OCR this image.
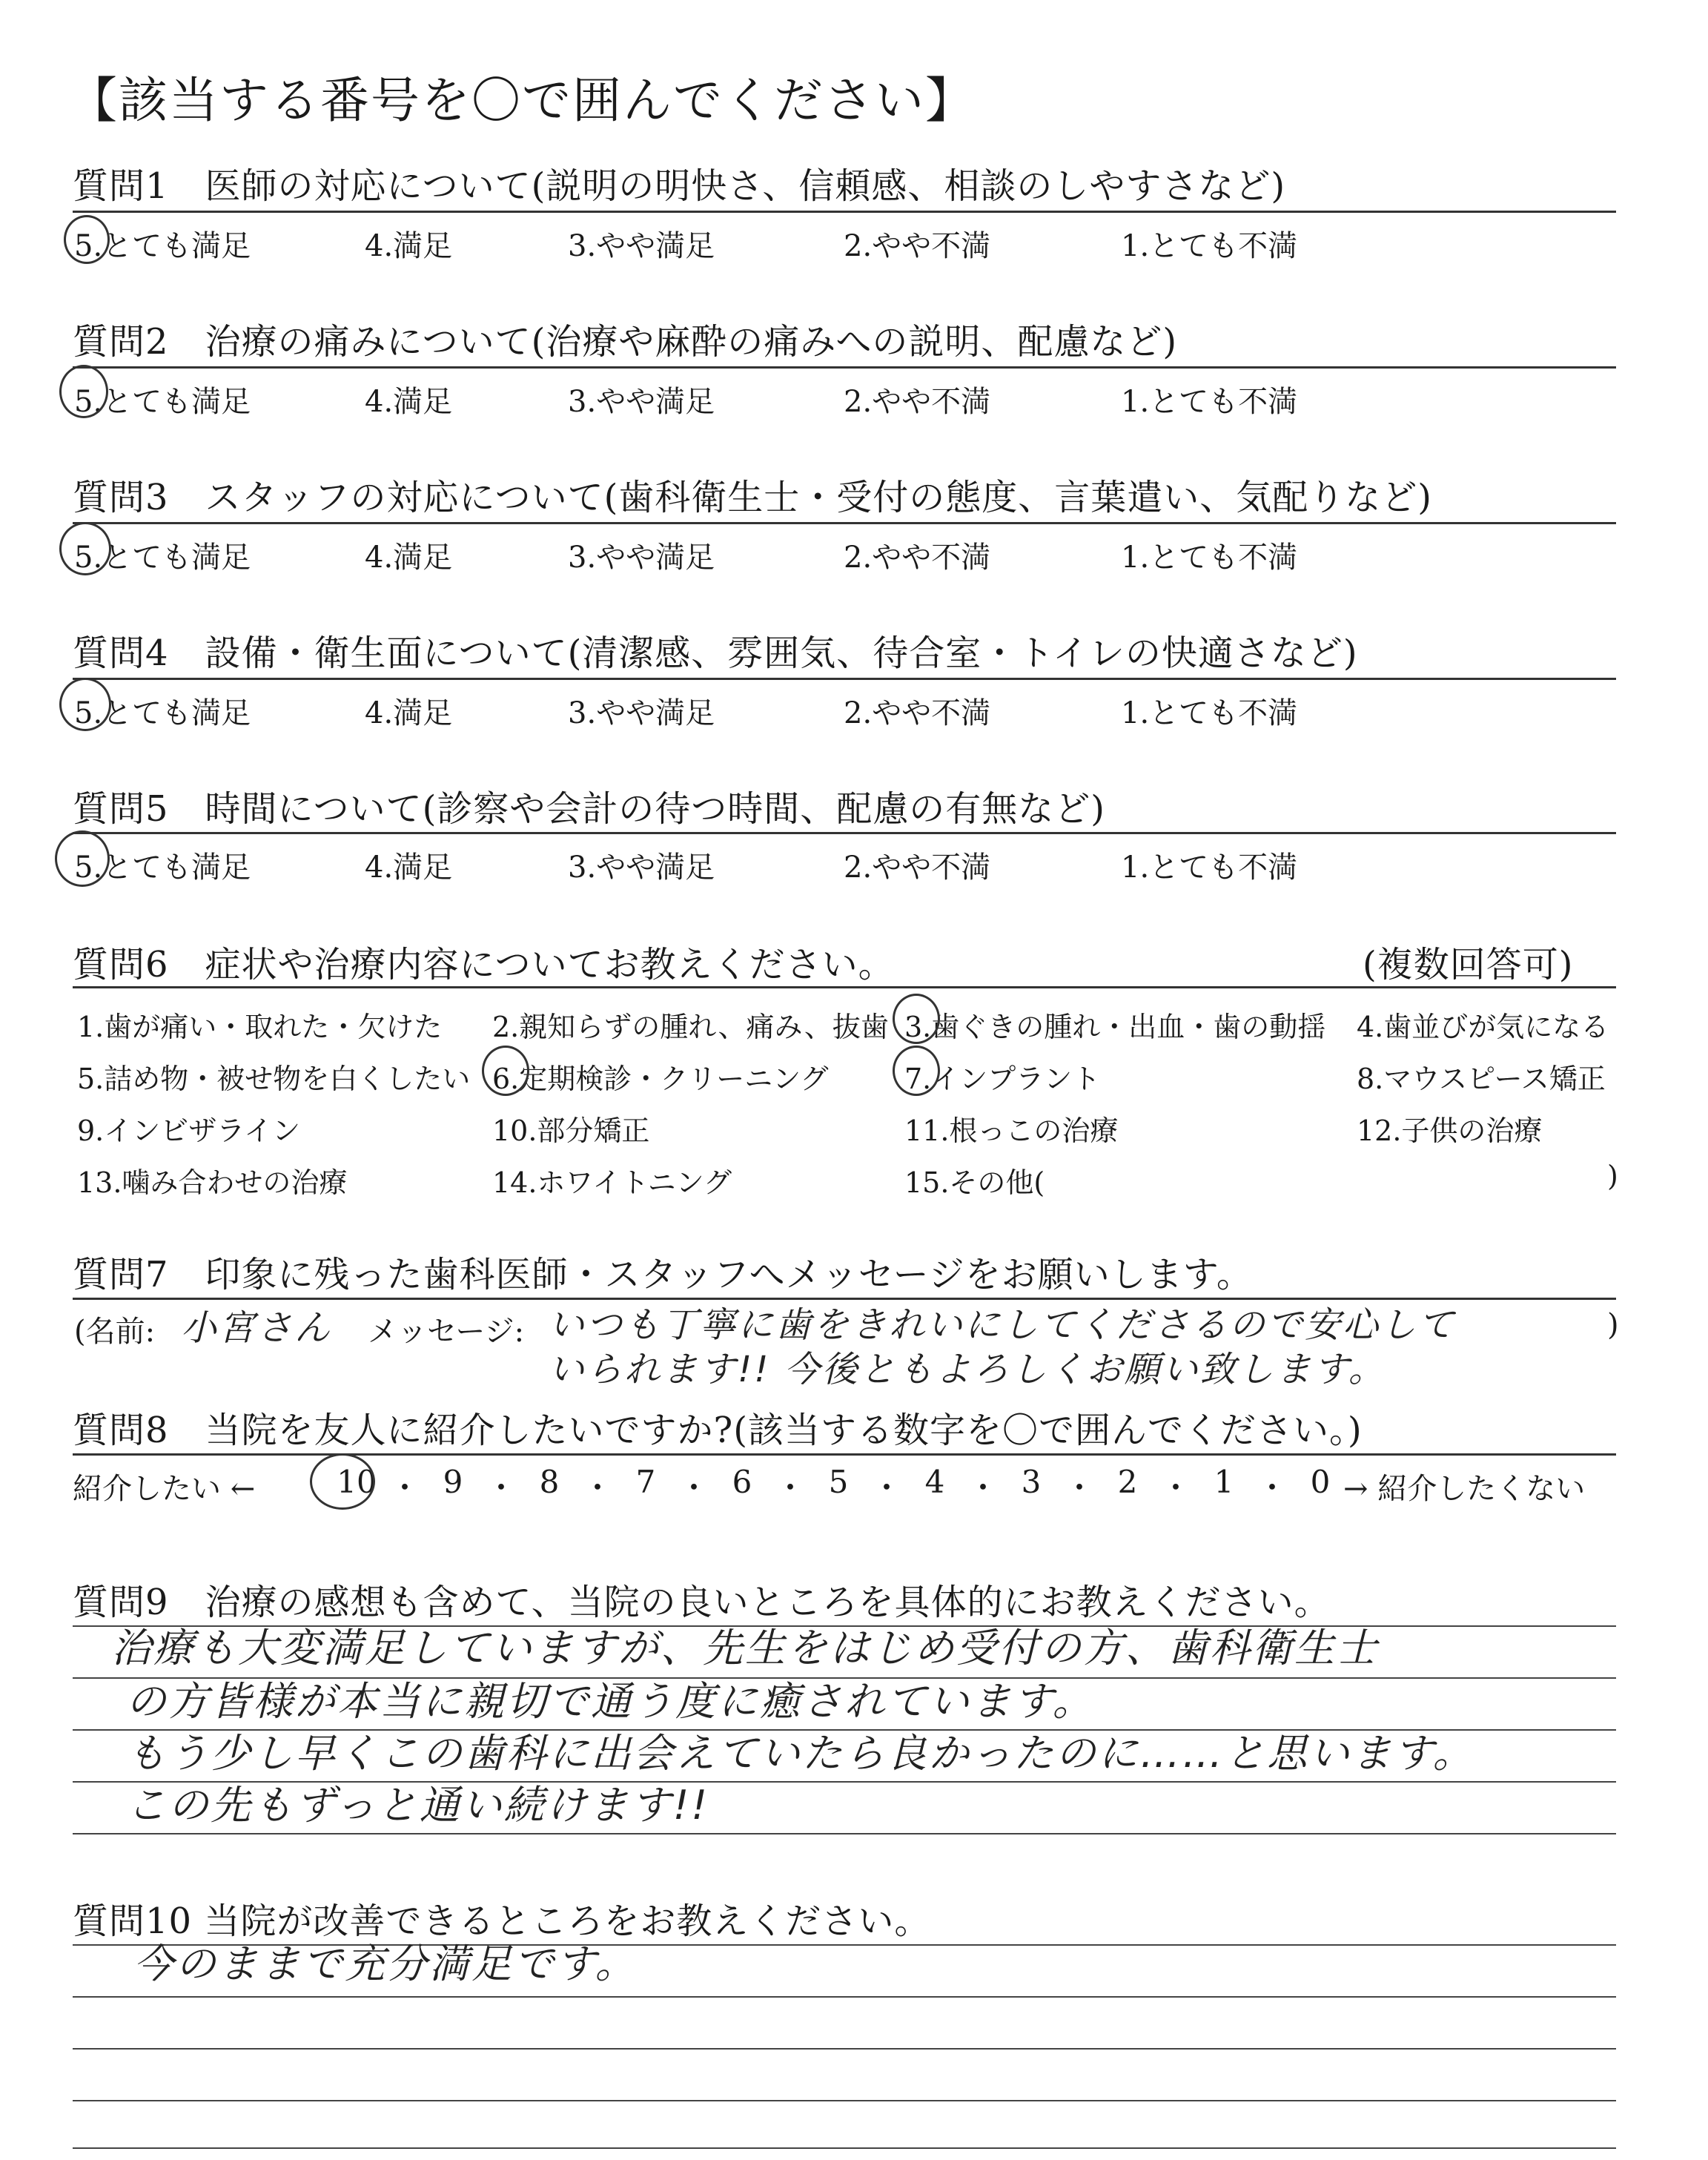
【該当する番号を〇で囲んでください】
質問1　医師の対応について(説明の明快さ、信頼感、相談のしやすさなど)
5.とても満足	4.満足	3.やや満足	2.やや不満	1.とても不満
質問2　治療の痛みについて(治療や麻酔の痛みへの説明、配慮など)
5.とても満足	4.満足	3.やや満足	2.やや不満	1.とても不満
質問3　スタッフの対応について(歯科衛生士・受付の態度、言葉遣い、気配りなど)
5.とても満足	4.満足	3.やや満足	2.やや不満	1.とても不満
質問4　設備・衛生面について(清潔感、雰囲気、待合室・トイレの快適さなど)
5.とても満足	4.満足	3.やや満足	2.やや不満	1.とても不満
質問5　時間について(診察や会計の待つ時間、配慮の有無など)
5.とても満足	4.満足	3.やや満足	2.やや不満	1.とても不満
質問6　症状や治療内容についてお教えください。	(複数回答可)
1.歯が痛い・取れた・欠けた 2.親知らずの腫れ、痛み、抜歯 3.歯ぐきの腫れ・出血・歯の動揺 4.歯並びが気になる
5.詰め物・被せ物を白くしたい 6.定期検診・クリーニング	7.インプラント	8.マウスピース矯正
9.インビザライン	10.部分矯正	11.根っこの治療	12.子供の治療
13.噛み合わせの治療	14.ホワイトニング	15.その他(	)
質問7　印象に残った歯科医師・スタッフへメッセージをお願いします。
(名前: 小宮さん メッセージ: いつも丁寧に歯をきれいにしてくださるので安心して
いられます!! 今後ともよろしくお願い致します。
)
質問8　当院を友人に紹介したいですか?(該当する数字を〇で囲んでください。)
紹介したい ←	10 ・ 9 ・ 8 ・ 7 ・ 6 ・ 5 ・ 4 ・ 3 ・ 2 ・ 1 ・ 0 → 紹介したくない
質問9　治療の感想も含めて、当院の良いところを具体的にお教えください。
治療も大変満足していますが、先生をはじめ受付の方、歯科衛生士
の方皆様が本当に親切で通う度に癒されています。
もう少し早くこの歯科に出会えていたら良かったのに……と思います。
この先もずっと通い続けます!!
質問10 当院が改善できるところをお教えください。
今のままで充分満足です。
